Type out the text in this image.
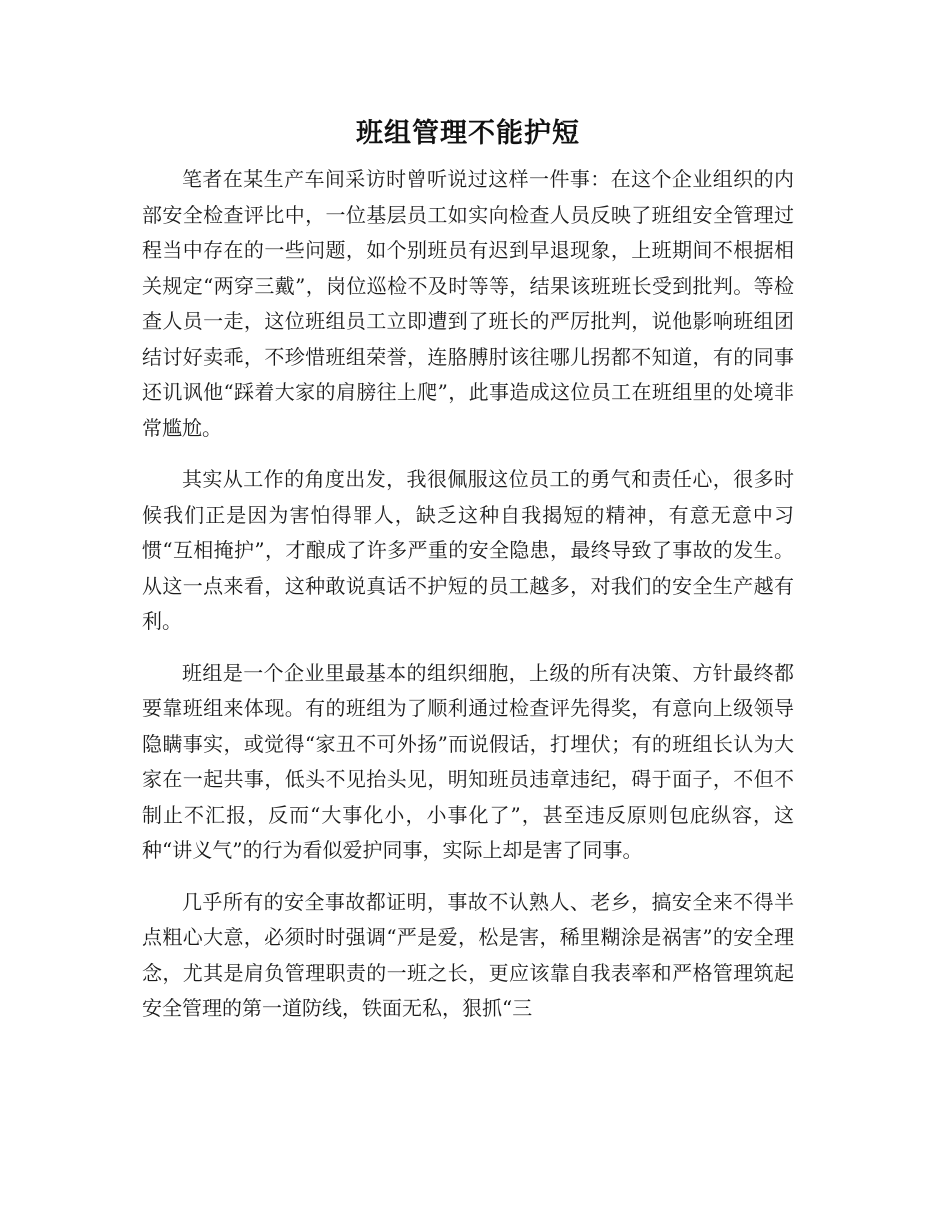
班组管理不能护短

笔者在某生产车间采访时曾听说过这样一件事：在这个企业组织的内部安全检查评比中，一位基层员工如实向检查人员反映了班组安全管理过程当中存在的一些问题，如个别班员有迟到早退现象，上班期间不根据相关规定“两穿三戴”，岗位巡检不及时等等，结果该班班长受到批判。等检查人员一走，这位班组员工立即遭到了班长的严厉批判，说他影响班组团结讨好卖乖，不珍惜班组荣誉，连胳膊肘该往哪儿拐都不知道，有的同事还讥讽他“踩着大家的肩膀往上爬”，此事造成这位员工在班组里的处境非常尴尬。

其实从工作的角度出发，我很佩服这位员工的勇气和责任心，很多时候我们正是因为害怕得罪人，缺乏这种自我揭短的精神，有意无意中习惯“互相掩护”，才酿成了许多严重的安全隐患，最终导致了事故的发生。从这一点来看，这种敢说真话不护短的员工越多，对我们的安全生产越有利。

班组是一个企业里最基本的组织细胞，上级的所有决策、方针最终都要靠班组来体现。有的班组为了顺利通过检查评先得奖，有意向上级领导隐瞒事实，或觉得“家丑不可外扬”而说假话，打埋伏；有的班组长认为大家在一起共事，低头不见抬头见，明知班员违章违纪，碍于面子，不但不制止不汇报，反而“大事化小，小事化了”，甚至违反原则包庇纵容，这种“讲义气”的行为看似爱护同事，实际上却是害了同事。

几乎所有的安全事故都证明，事故不认熟人、老乡，搞安全来不得半点粗心大意，必须时时强调“严是爱，松是害，稀里糊涂是祸害”的安全理念，尤其是肩负管理职责的一班之长，更应该靠自我表率和严格管理筑起安全管理的第一道防线，铁面无私，狠抓“三
